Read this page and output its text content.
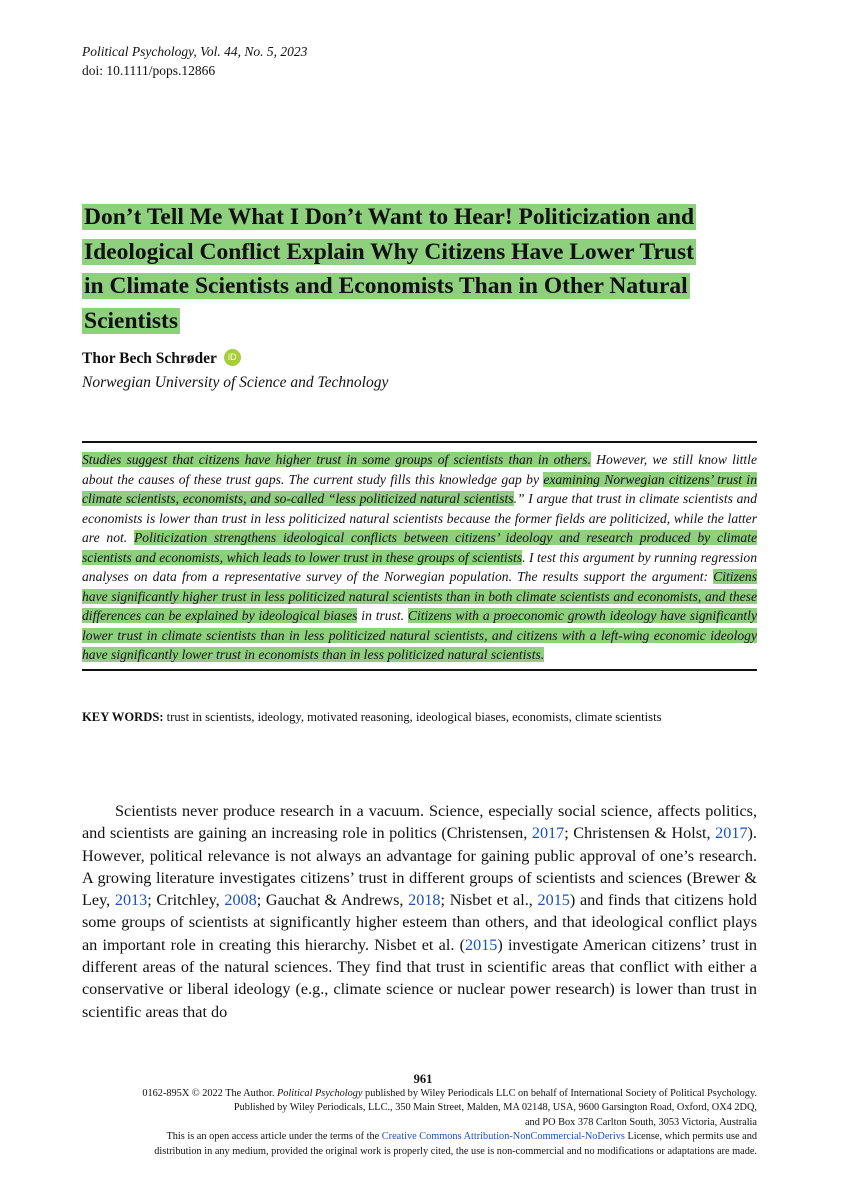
Political Psychology, Vol. 44, No. 5, 2023
doi: 10.1111/pops.12866
Don’t Tell Me What I Don’t Want to Hear! Politicization and
Ideological Conflict Explain Why Citizens Have Lower Trust
in Climate Scientists and Economists Than in Other Natural
Scientists
Thor Bech Schrøder iD
Norwegian University of Science and Technology

Studies suggest that citizens have higher trust in some groups of scientists than in others. However, we still know little about the causes of these trust gaps. The current study fills this knowledge gap by examining Norwegian citizens’ trust in climate scientists, economists, and so-called “less politicized natural scientists.” I argue that trust in climate scientists and economists is lower than trust in less politicized natural scientists because the former fields are politicized, while the latter are not. Politicization strengthens ideological conflicts between citizens’ ideology and research produced by climate scientists and economists, which leads to lower trust in these groups of scientists. I test this argument by running regression analyses on data from a representative survey of the Norwegian population. The results support the argument: Citizens have significantly higher trust in less politicized natural scientists than in both climate scientists and economists, and these differences can be explained by ideological biases in trust. Citizens with a proeconomic growth ideology have significantly lower trust in climate scientists than in less politicized natural scientists, and citizens with a left-wing economic ideology have significantly lower trust in economists than in less politicized natural scientists.

KEY WORDS: trust in scientists, ideology, motivated reasoning, ideological biases, economists, climate scientists

Scientists never produce research in a vacuum. Science, especially social science, affects politics, and scientists are gaining an increasing role in politics (Christensen, 2017; Christensen & Holst, 2017). However, political relevance is not always an advantage for gaining public approval of one’s research. A growing literature investigates citizens’ trust in different groups of scientists and sciences (Brewer & Ley, 2013; Critchley, 2008; Gauchat & Andrews, 2018; Nisbet et al., 2015) and finds that citizens hold some groups of scientists at significantly higher esteem than others, and that ideological conflict plays an important role in creating this hierarchy. Nisbet et al. (2015) investigate American citizens’ trust in different areas of the natural sciences. They find that trust in scientific areas that conflict with either a conservative or liberal ideology (e.g., climate science or nuclear power research) is lower than trust in scientific areas that do

961
0162-895X © 2022 The Author. Political Psychology published by Wiley Periodicals LLC on behalf of International Society of Political Psychology.
Published by Wiley Periodicals, LLC., 350 Main Street, Malden, MA 02148, USA, 9600 Garsington Road, Oxford, OX4 2DQ,
and PO Box 378 Carlton South, 3053 Victoria, Australia
This is an open access article under the terms of the Creative Commons Attribution-NonCommercial-NoDerivs License, which permits use and
distribution in any medium, provided the original work is properly cited, the use is non-commercial and no modifications or adaptations are made.
